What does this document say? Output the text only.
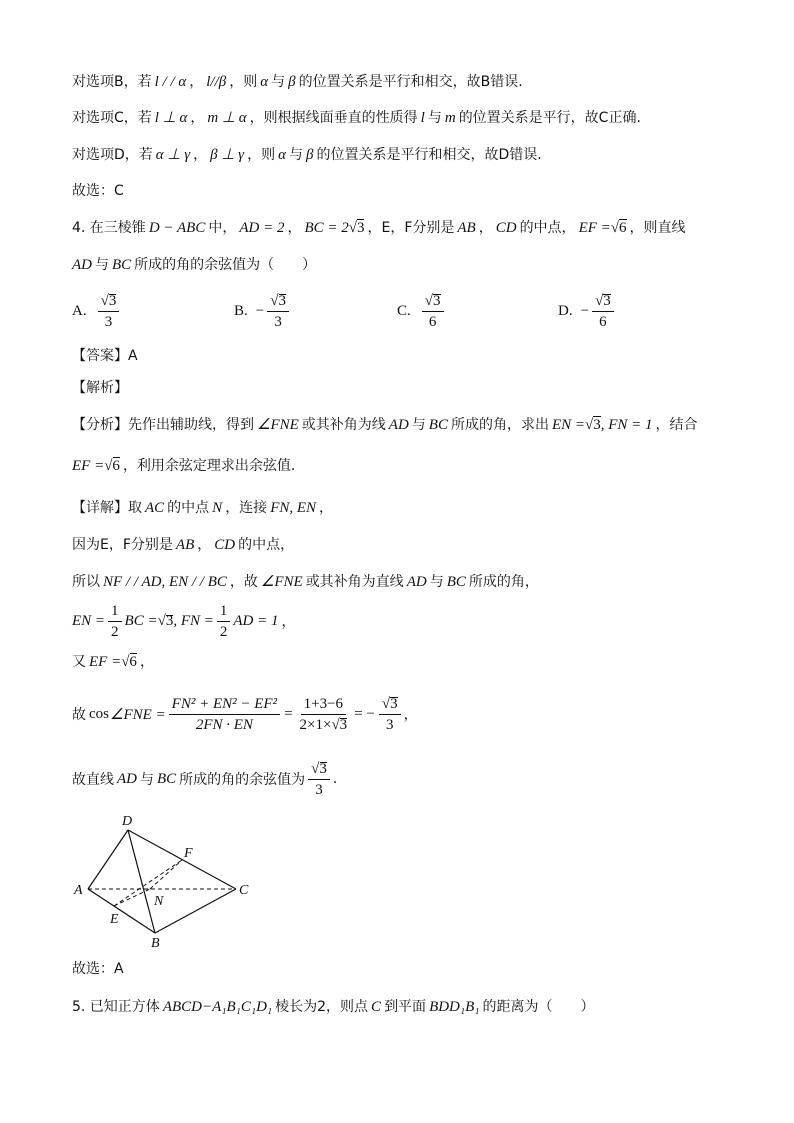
对选项B，若 l / / α ， l//β ，则 α 与 β 的位置关系是平行和相交，故B错误.
对选项C，若 l ⊥ α ， m ⊥ α ，则根据线面垂直的性质得 l 与 m 的位置关系是平行，故C正确.
对选项D，若 α ⊥ γ ， β ⊥ γ ，则 α 与 β 的位置关系是平行和相交，故D错误.
故选：C
4. 在三棱锥 D − ABC 中， AD = 2 ， BC = 2 √3 ，E，F分别是 AB ， CD 的中点， EF = √6 ，则直线
AD 与 BC 所成的角的余弦值为（　　）
A. $\frac{√3}{3}$	B. − $\frac{√3}{3}$	C. $\frac{√3}{6}$	D. − $\frac{√3}{6}$
【答案】A
【解析】
【分析】先作出辅助线，得到 ∠FNE 或其补角为线 AD 与 BC 所成的角，求出 EN = √3 , FN = 1 ，结合
EF = √6 ，利用余弦定理求出余弦值.
【详解】取 AC 的中点 N ，连接 FN, EN ，
因为E，F分别是 AB ， CD 的中点，
所以 NF / / AD, EN / / BC ，故 ∠FNE 或其补角为直线 AD 与 BC 所成的角，
EN = $\frac{1}{2}$ BC = √3 , FN = $\frac{1}{2}$ AD = 1 ，
又 EF = √6 ，
故 cos ∠FNE = $\frac{\text{FN² + EN² − EF²}}{2FN \cdot EN} = \frac{1+3-6}{2\times 1\times √3}$ = − $\frac{√3}{3}$ ，
故直线 AD 与 BC 所成的角的余弦值为 $\frac{√3}{3}$ .
D
A	C
F
N
E
B
故选：A
5. 已知正方体 ABCD−A₁B₁C₁D₁ 棱长为2，则点 C 到平面 BDD₁B₁ 的距离为（　　）
